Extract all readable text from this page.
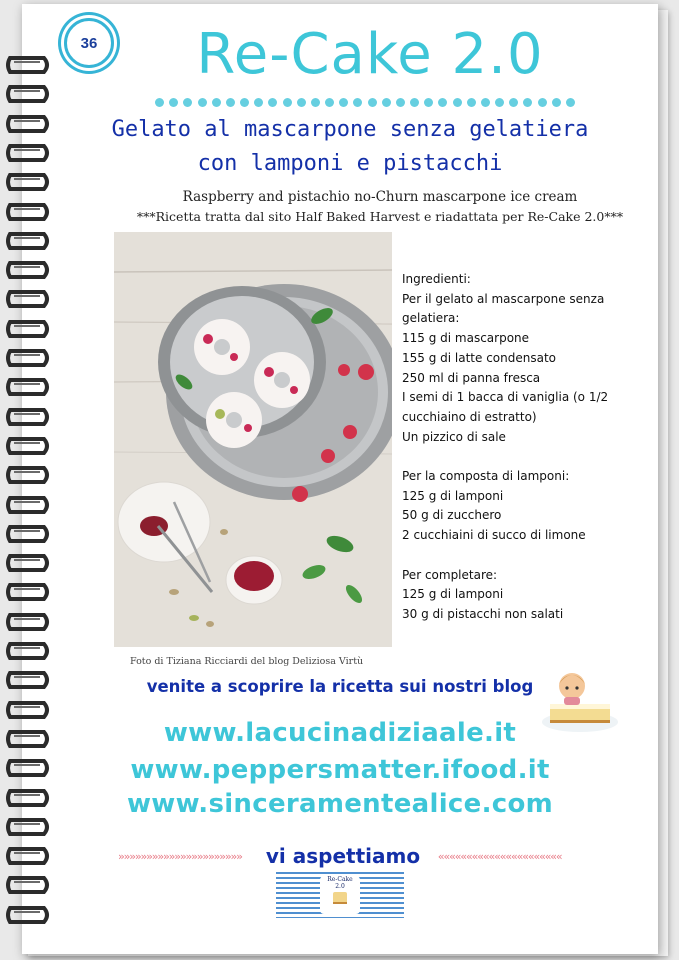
36	Re-Cake 2.0
Gelato al mascarpone senza gelatiera
con lamponi e pistacchi
Raspberry and pistachio no-Churn mascarpone ice cream
***Ricetta tratta dal sito Half Baked Harvest e riadattata per Re-Cake 2.0***
Foto di Tiziana Ricciardi del blog Deliziosa Virtù
Ingredienti:
Per il gelato al mascarpone senza gelatiera:
115 g di mascarpone
155 g di latte condensato
250 ml di panna fresca
I semi di 1 bacca di vaniglia (o 1/2 cucchiaino di estratto)
Un pizzico di sale
Per la composta di lamponi:
125 g di lamponi
50 g di zucchero
2 cucchiaini di succo di limone
Per completare:
125 g di lamponi
30 g di pistacchi non salati
venite a scoprire la ricetta sui nostri blog
www.lacucinadiziaale.it
www.peppersmatter.ifood.it
www.sinceramentealice.com
»»»»»»»»»»»»»»»»»»»»»»	vi aspettiamo ««««««««««««««««««««««
Re-Cake
2.0
